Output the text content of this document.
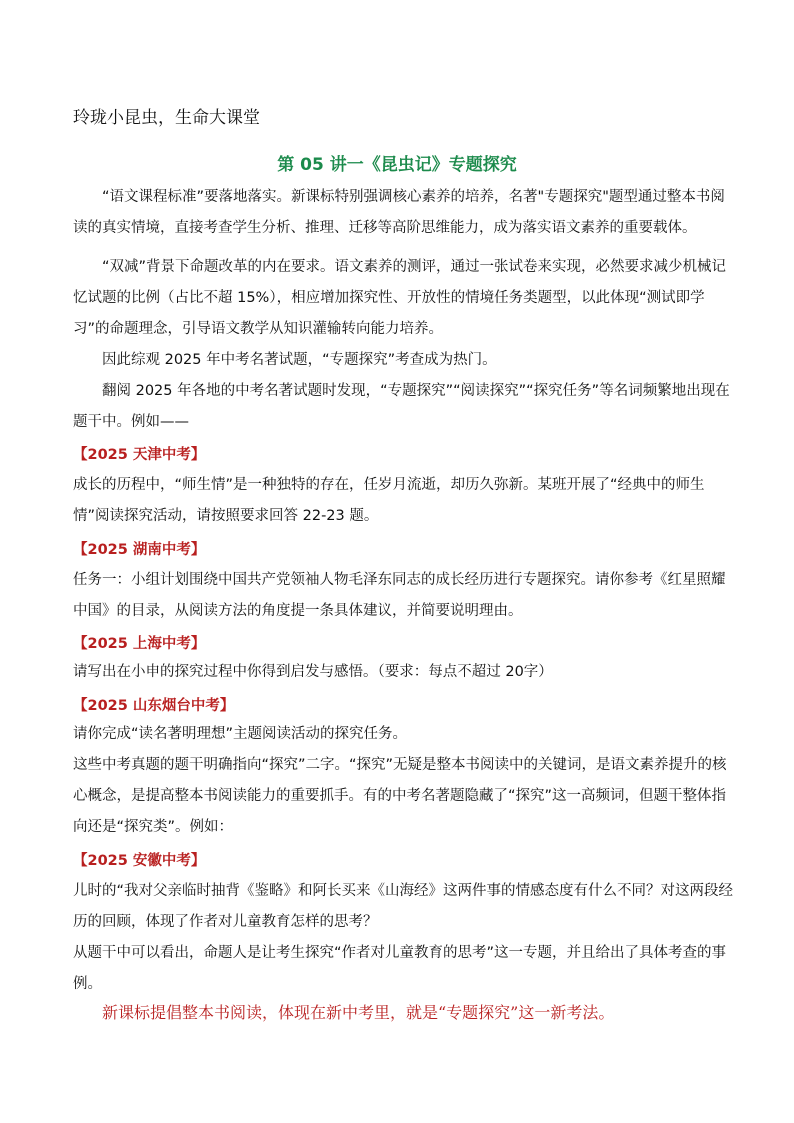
玲珑小昆虫，生命大课堂
第 05 讲一《昆虫记》专题探究

“语文课程标准”要落地落实。新课标特别强调核心素养的培养，名著"专题探究"题型通过整本书阅读的真实情境，直接考查学生分析、推理、迁移等高阶思维能力，成为落实语文素养的重要载体。

“双减”背景下命题改革的内在要求。语文素养的测评，通过一张试卷来实现，必然要求减少机械记忆试题的比例（占比不超 15%），相应增加探究性、开放性的情境任务类题型，以此体现“测试即学习”的命题理念，引导语文教学从知识灌输转向能力培养。

因此综观 2025 年中考名著试题，“专题探究”考查成为热门。

翻阅 2025 年各地的中考名著试题时发现，“专题探究”“阅读探究”“探究任务”等名词频繁地出现在题干中。例如——

【2025 天津中考】

成长的历程中，“师生情”是一种独特的存在，任岁月流逝，却历久弥新。某班开展了“经典中的师生情”阅读探究活动，请按照要求回答 22-23 题。

【2025 湖南中考】

任务一：小组计划围绕中国共产党领袖人物毛泽东同志的成长经历进行专题探究。请你参考《红星照耀中国》的目录，从阅读方法的角度提一条具体建议，并简要说明理由。

【2025 上海中考】

请写出在小申的探究过程中你得到启发与感悟。（要求：每点不超过 20字）

【2025 山东烟台中考】

请你完成“读名著明理想”主题阅读活动的探究任务。

这些中考真题的题干明确指向“探究”二字。“探究”无疑是整本书阅读中的关键词，是语文素养提升的核心概念，是提高整本书阅读能力的重要抓手。有的中考名著题隐藏了“探究”这一高频词，但题干整体指向还是“探究类”。例如：

【2025 安徽中考】

儿时的“我对父亲临时抽背《鉴略》和阿长买来《山海经》这两件事的情感态度有什么不同？对这两段经历的回顾，体现了作者对儿童教育怎样的思考？

从题干中可以看出，命题人是让考生探究“作者对儿童教育的思考”这一专题，并且给出了具体考查的事例。

新课标提倡整本书阅读，体现在新中考里，就是“专题探究”这一新考法。
